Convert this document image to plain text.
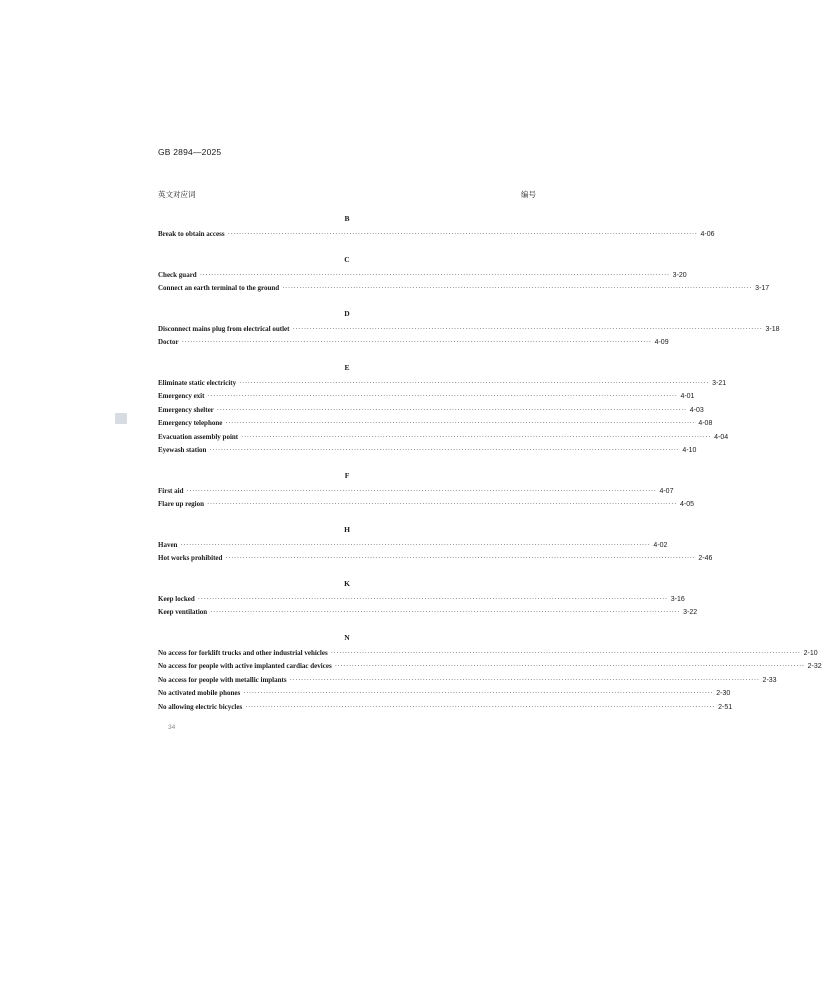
GB 2894—2025
英文对应词	编号
B
Break to obtain access ······································································································································································ 4-06
C
Check guard ······································································································································································ 3-20
Connect an earth terminal to the ground ······································································································································································ 3-17
D
Disconnect mains plug from electrical outlet ······································································································································································ 3-18
Doctor ······································································································································································ 4-09
E
Eliminate static electricity ······································································································································································ 3-21
Emergency exit ······································································································································································ 4-01
Emergency shelter ······································································································································································ 4-03
Emergency telephone ······································································································································································ 4-08
Evacuation assembly point ······································································································································································ 4-04
Eyewash station ······································································································································································ 4-10
F
First aid ······································································································································································ 4-07
Flare up region ······································································································································································ 4-05
H
Haven ······································································································································································ 4-02
Hot works prohibited ······································································································································································ 2-46
K
Keep locked ······································································································································································ 3-16
Keep ventilation ······································································································································································ 3-22
N
No access for forklift trucks and other industrial vehicles ······································································································································································ 2-10
No access for people with active implanted cardiac devices ······································································································································································ 2-32
No access for people with metallic implants ······································································································································································ 2-33
No activated mobile phones ······································································································································································ 2-30
No allowing electric bicycles ······································································································································································ 2-51
34
